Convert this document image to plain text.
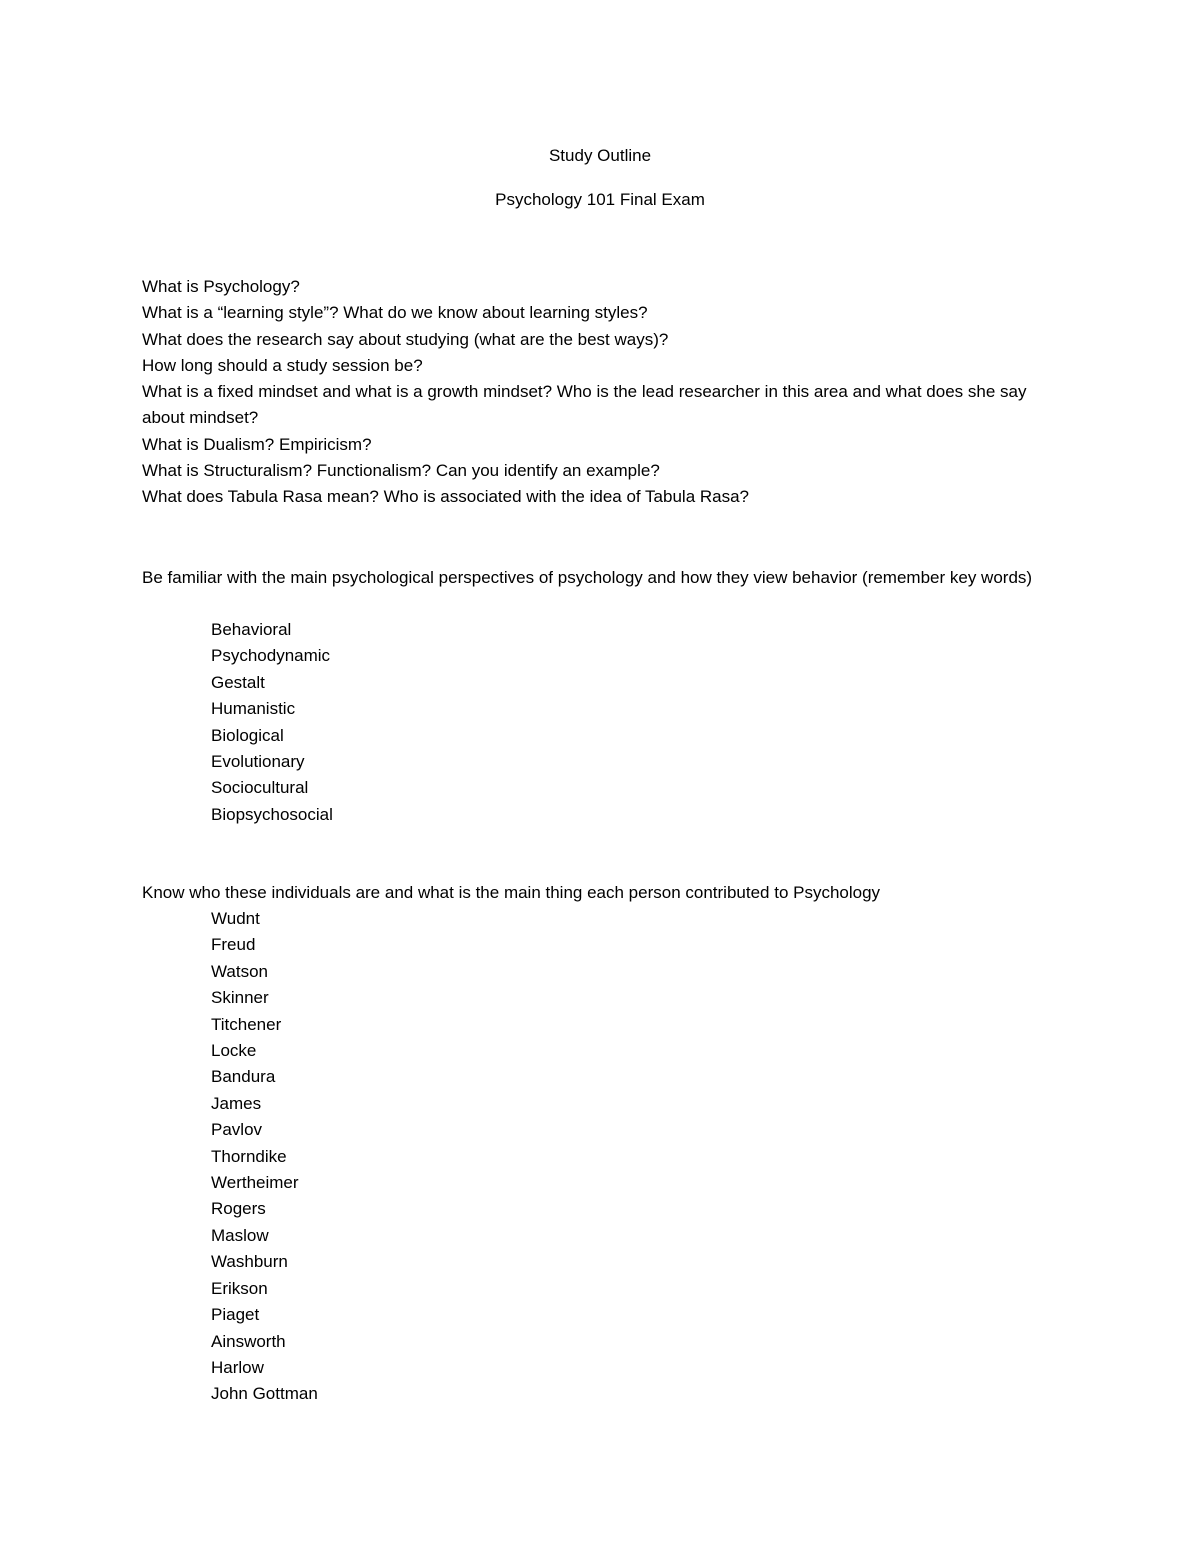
Study Outline
Psychology 101 Final Exam
What is Psychology?
What is a “learning style”? What do we know about learning styles?
What does the research say about studying (what are the best ways)?
How long should a study session be?
What is a fixed mindset and what is a growth mindset? Who is the lead researcher in this area and what does she say about mindset?
What is Dualism? Empiricism?
What is Structuralism? Functionalism? Can you identify an example?
What does Tabula Rasa mean? Who is associated with the idea of Tabula Rasa?

Be familiar with the main psychological perspectives of psychology and how they view behavior (remember key words)

Behavioral
Psychodynamic
Gestalt
Humanistic
Biological
Evolutionary
Sociocultural
Biopsychosocial

Know who these individuals are and what is the main thing each person contributed to Psychology

Wudnt
Freud
Watson
Skinner
Titchener
Locke
Bandura
James
Pavlov
Thorndike
Wertheimer
Rogers
Maslow
Washburn
Erikson
Piaget
Ainsworth
Harlow
John Gottman
